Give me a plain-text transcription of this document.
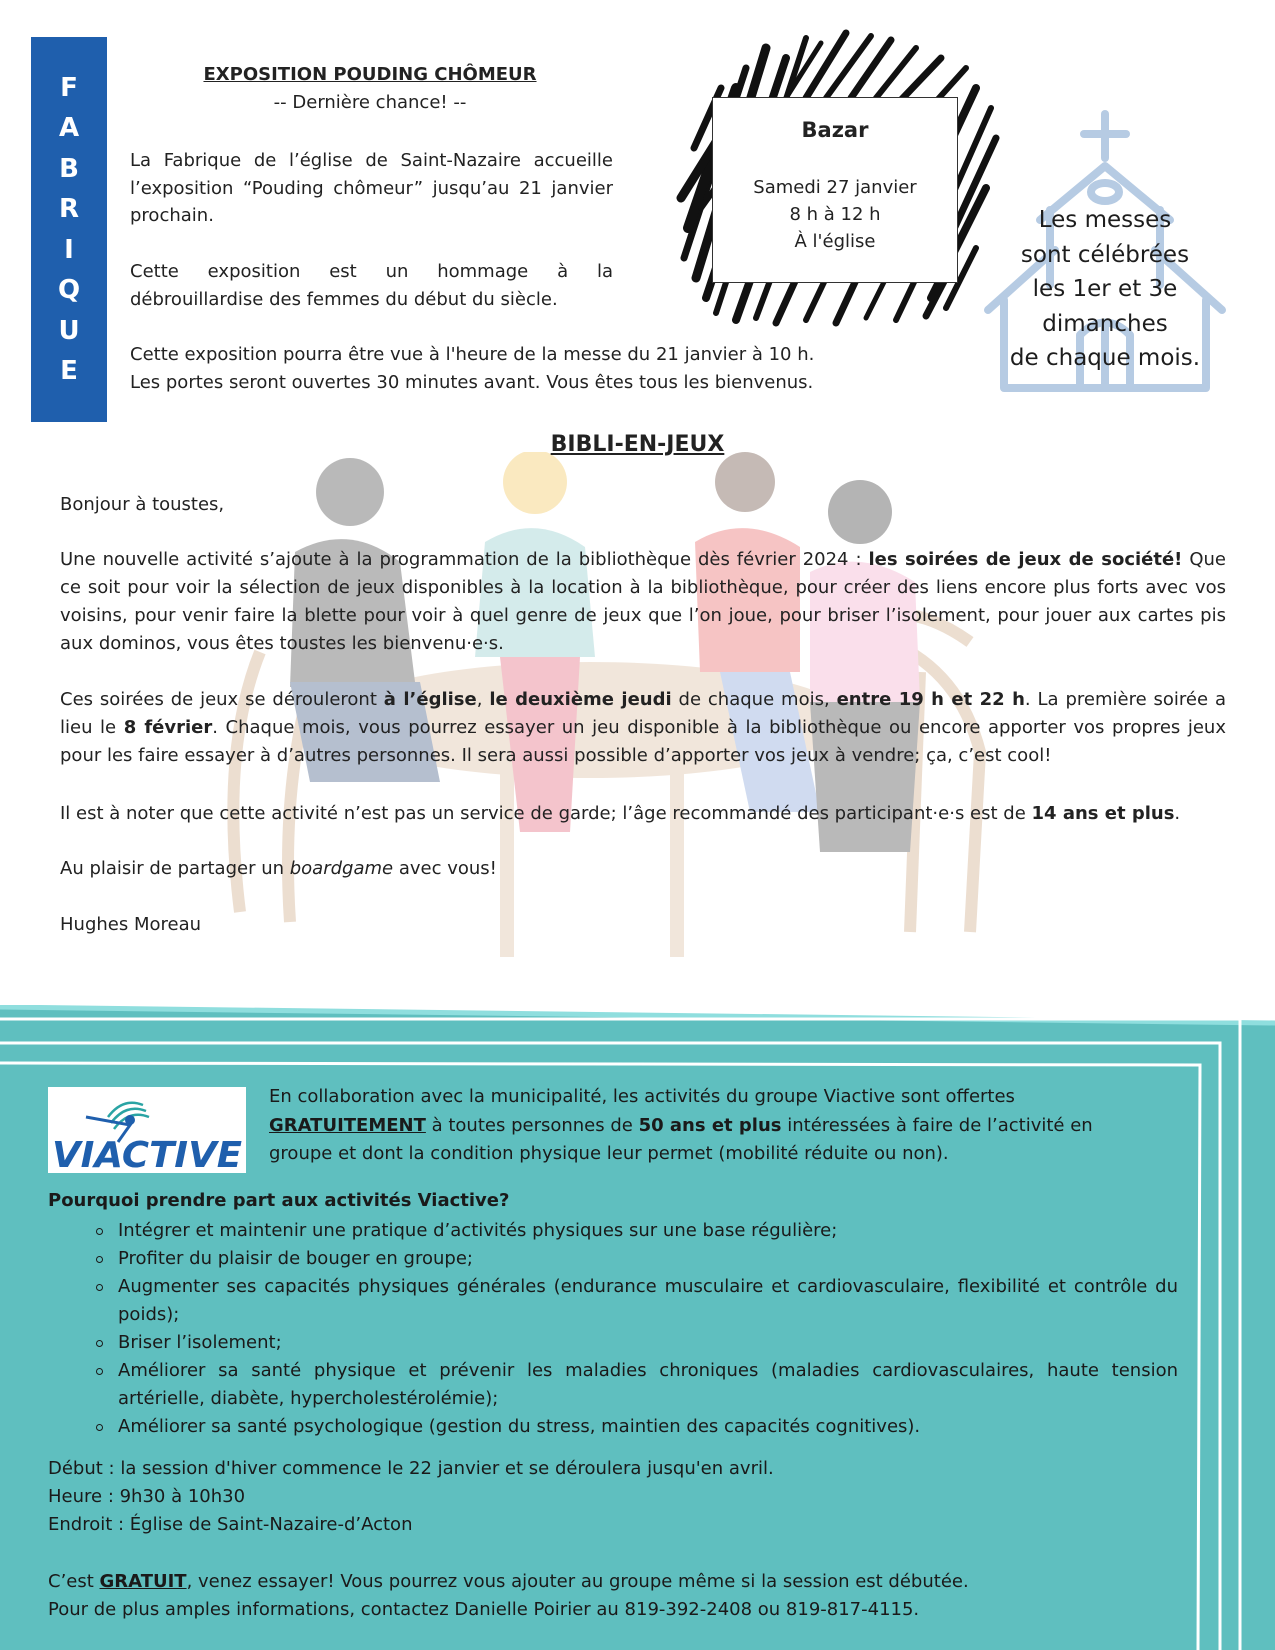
F
A
B
R
I
Q
U
E
EXPOSITION POUDING CHÔMEUR
-- Dernière chance! --
La Fabrique de l’église de Saint-Nazaire accueille l’exposition “Pouding chômeur” jusqu’au 21 janvier prochain.
Cette exposition est un hommage à la débrouillardise des femmes du début du siècle.
Cette exposition pourra être vue à l'heure de la messe du 21 janvier à 10 h.
Les portes seront ouvertes 30 minutes avant. Vous êtes tous les bienvenus.
Bazar
Samedi 27 janvier
8 h à 12 h
À l'église
Les messes
sont célébrées
les 1er et 3e
dimanches
de chaque mois.
BIBLI-EN-JEUX
Bonjour à toustes,
Une nouvelle activité s’ajoute à la programmation de la bibliothèque dès février 2024 : les soirées de jeux de société! Que ce soit pour voir la sélection de jeux disponibles à la location à la bibliothèque, pour créer des liens encore plus forts avec vos voisins, pour venir faire la blette pour voir à quel genre de jeux que l’on joue, pour briser l’isolement, pour jouer aux cartes pis aux dominos, vous êtes toustes les bienvenu·e·s.
Ces soirées de jeux se dérouleront à l’église, le deuxième jeudi de chaque mois, entre 19 h et 22 h. La première soirée a lieu le 8 février. Chaque mois, vous pourrez essayer un jeu disponible à la bibliothèque ou encore apporter vos propres jeux pour les faire essayer à d’autres personnes. Il sera aussi possible d’apporter vos jeux à vendre; ça, c’est cool!
Il est à noter que cette activité n’est pas un service de garde; l’âge recommandé des participant·e·s est de 14 ans et plus.
Au plaisir de partager un boardgame avec vous!
Hughes Moreau
VIACTIVE
En collaboration avec la municipalité, les activités du groupe Viactive sont offertes GRATUITEMENT à toutes personnes de 50 ans et plus intéressées à faire de l’activité en groupe et dont la condition physique leur permet (mobilité réduite ou non).
Pourquoi prendre part aux activités Viactive?
Intégrer et maintenir une pratique d’activités physiques sur une base régulière;
Profiter du plaisir de bouger en groupe;
Augmenter ses capacités physiques générales (endurance musculaire et cardiovasculaire, flexibilité et contrôle du poids);
Briser l’isolement;
Améliorer sa santé physique et prévenir les maladies chroniques (maladies cardiovasculaires, haute tension artérielle, diabète, hypercholestérolémie);
Améliorer sa santé psychologique (gestion du stress, maintien des capacités cognitives).
Début : la session d'hiver commence le 22 janvier et se déroulera jusqu'en avril.
Heure : 9h30 à 10h30
Endroit : Église de Saint-Nazaire-d’Acton
C’est GRATUIT, venez essayer! Vous pourrez vous ajouter au groupe même si la session est débutée.
Pour de plus amples informations, contactez Danielle Poirier au 819-392-2408 ou 819-817-4115.
